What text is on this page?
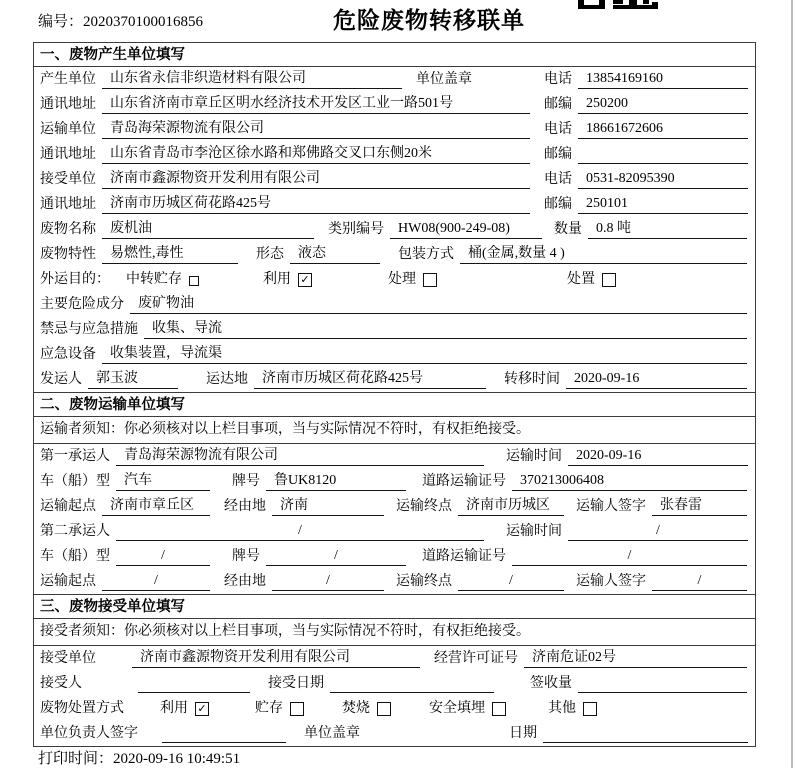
编号：2020370100016856	危险废物转移联单
一、废物产生单位填写
产生单位	山东省永信非织造材料有限公司	单位盖章	电话	13854169160
通讯地址	山东省济南市章丘区明水经济技术开发区工业一路501号	邮编	250200
运输单位	青岛海荣源物流有限公司	电话	18661672606
通讯地址	山东省青岛市李沧区徐水路和郑佛路交叉口东侧20米	邮编
接受单位	济南市鑫源物资开发利用有限公司	电话	0531-82095390
通讯地址	济南市历城区荷花路425号	邮编	250101
废物名称	废机油	类别编号	HW08(900-249-08)	数量	0.8 吨
废物特性	易燃性,毒性	形态	液态	包装方式	桶(金属,数量 4 )
外运目的： 中转贮存	利用 ✓	处理	处置
主要危险成分	废矿物油
禁忌与应急措施	收集、导流
应急设备	收集装置，导流渠
发运人	郭玉波	运达地	济南市历城区荷花路425号	转移时间	2020-09-16
二、废物运输单位填写
运输者须知：你必须核对以上栏目事项，当与实际情况不符时，有权拒绝接受。
第一承运人	青岛海荣源物流有限公司	运输时间	2020-09-16
车（船）型	汽车	牌号	鲁UK8120	道路运输证号	370213006408
运输起点	济南市章丘区	经由地	济南	运输终点	济南市历城区	运输人签字	张春雷
第二承运人	/	运输时间	/
车（船）型	/	牌号	/	道路运输证号	/
运输起点	/	经由地	/	运输终点	/	运输人签字	/
三、废物接受单位填写
接受者须知：你必须核对以上栏目事项，当与实际情况不符时，有权拒绝接受。
接受单位	济南市鑫源物资开发利用有限公司	经营许可证号	济南危证02号
接受人	接受日期	签收量
废物处置方式	利用 ✓	贮存	焚烧	安全填埋	其他
单位负责人签字	单位盖章	日期
打印时间：2020-09-16 10:49:51
